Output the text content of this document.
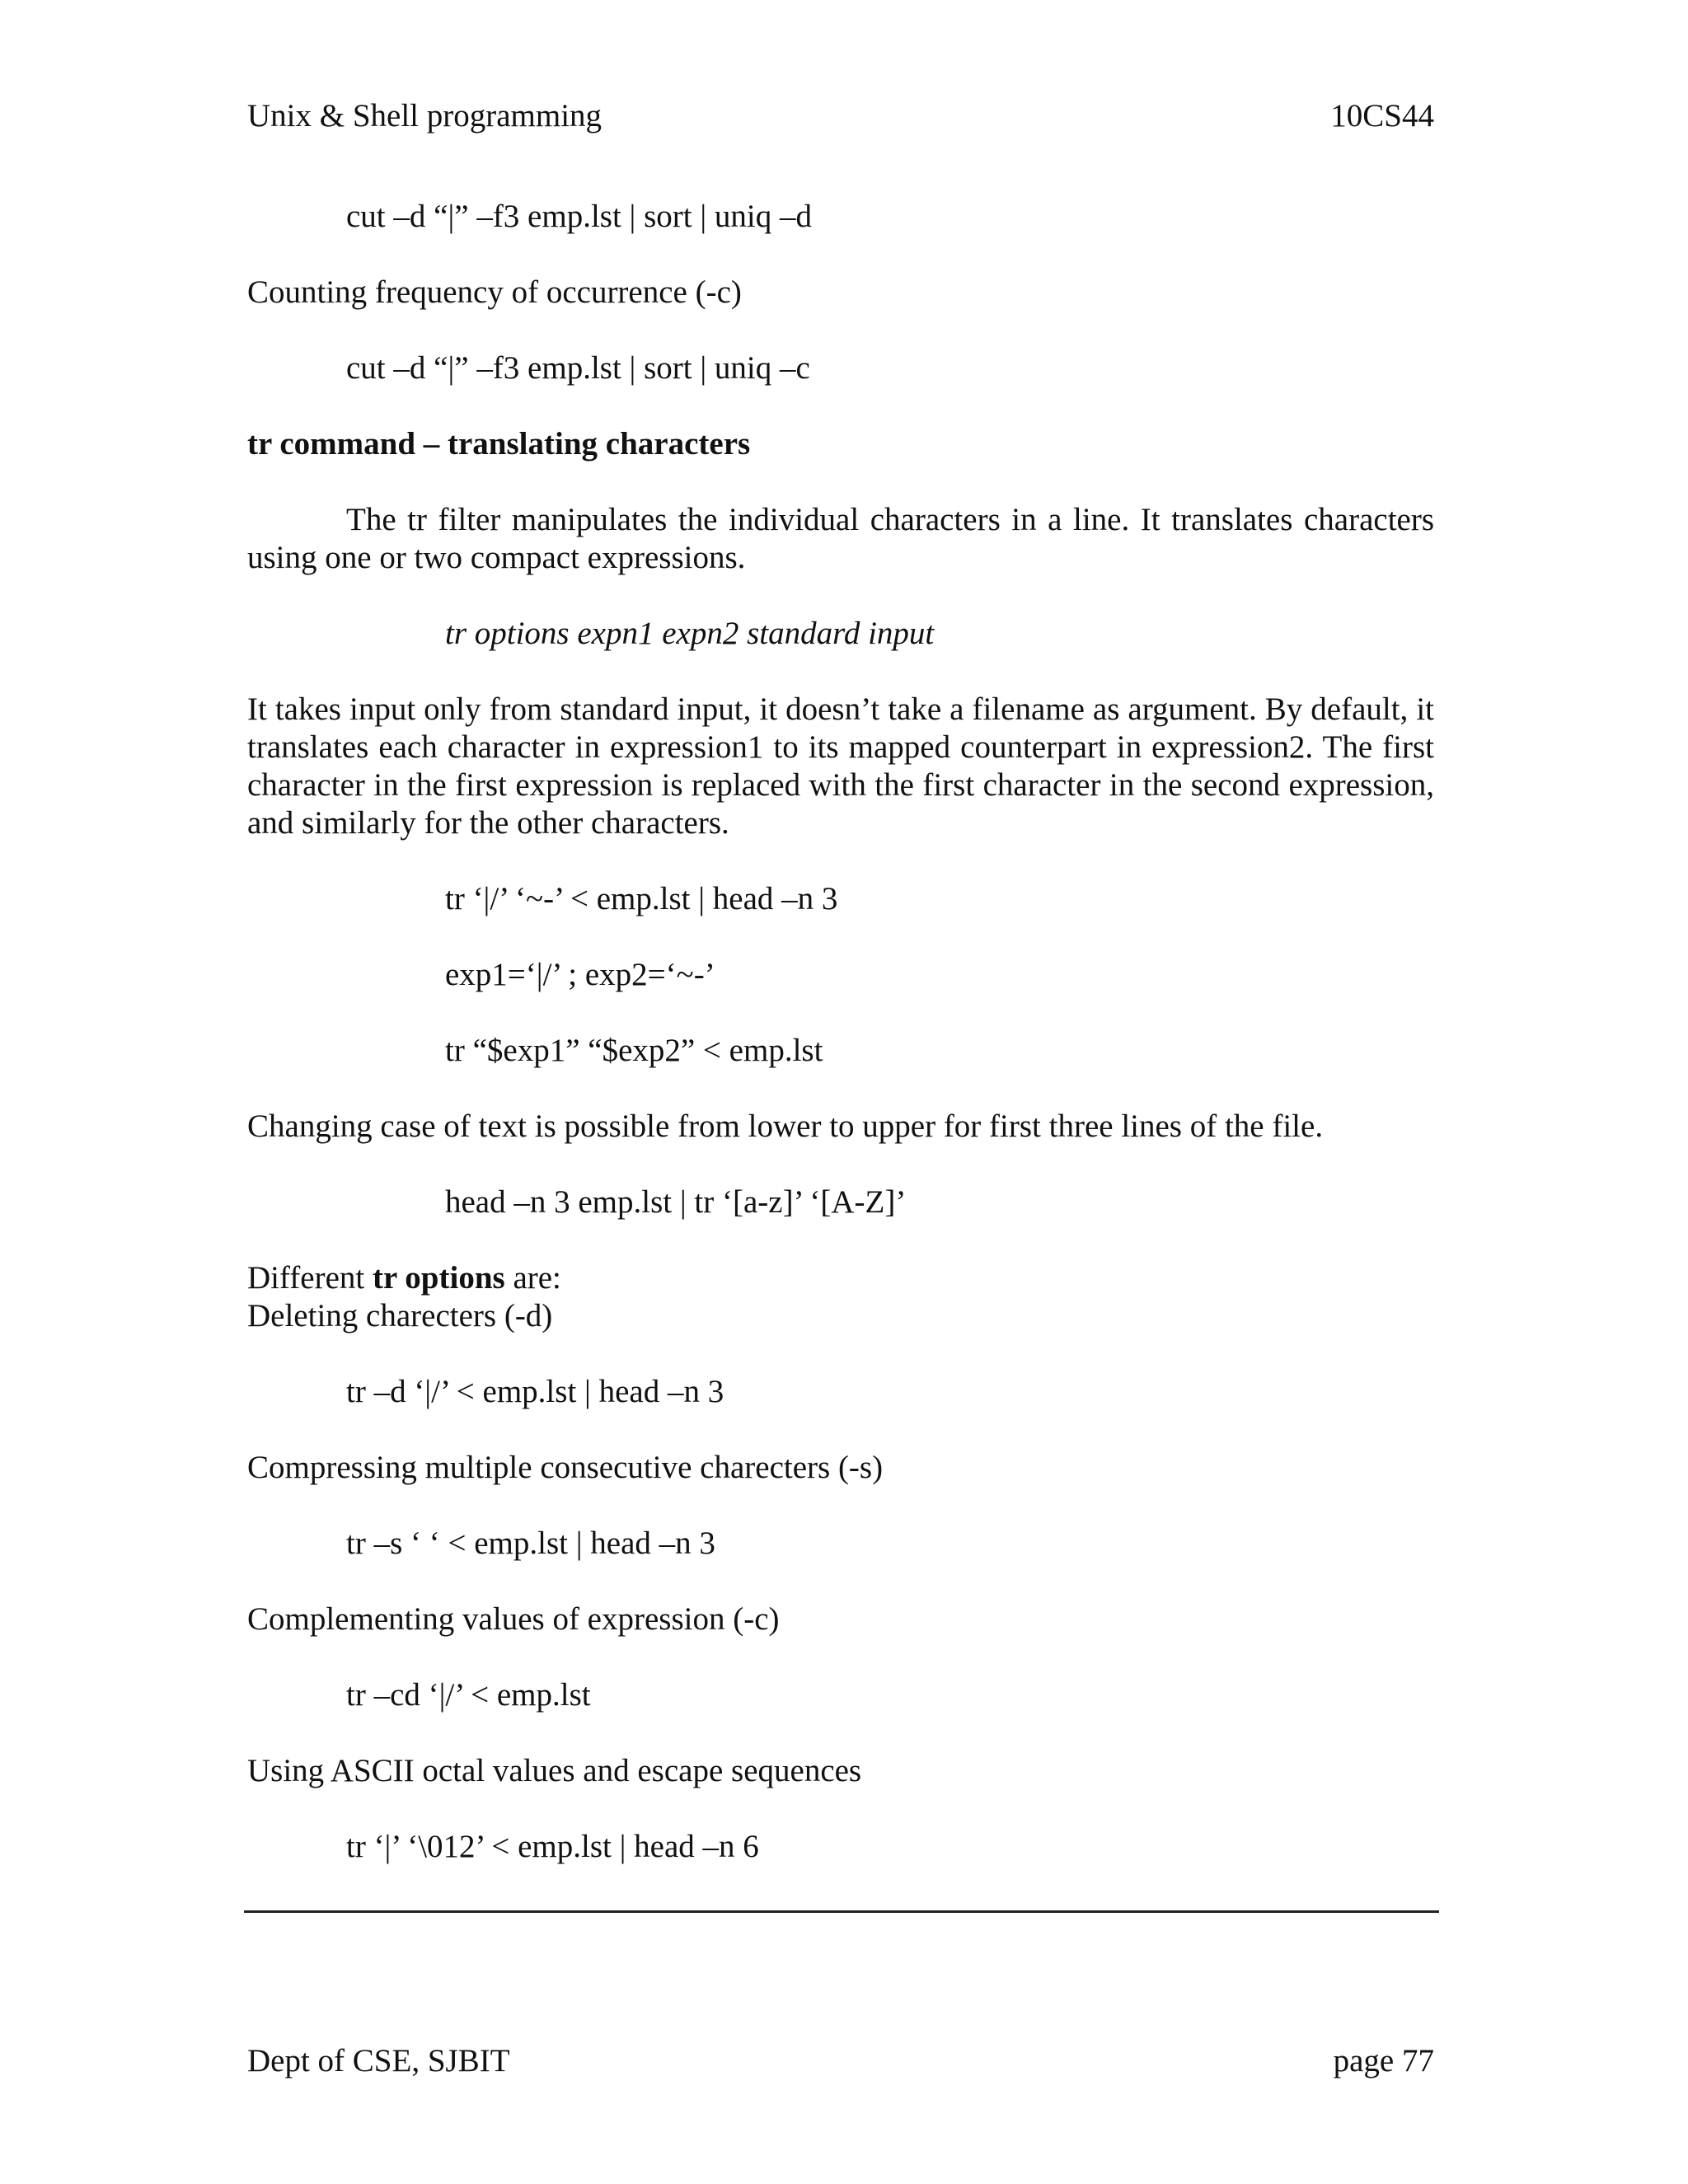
Unix & Shell programming	10CS44
cut –d “|” –f3 emp.lst | sort | uniq –d
Counting frequency of occurrence (-c)
cut –d “|” –f3 emp.lst | sort | uniq –c
tr command – translating characters
The tr filter manipulates the individual characters in a line. It translates characters using one or two compact expressions.
tr options expn1 expn2 standard input
It takes input only from standard input, it doesn’t take a filename as argument. By default, it translates each character in expression1 to its mapped counterpart in expression2. The first character in the first expression is replaced with the first character in the second expression, and similarly for the other characters.
tr ‘|/’ ‘~-’ < emp.lst | head –n 3
exp1=‘|/’ ; exp2=‘~-’
tr “$exp1” “$exp2” < emp.lst
Changing case of text is possible from lower to upper for first three lines of the file.
head –n 3 emp.lst | tr ‘[a-z]’ ‘[A-Z]’
Different tr options are:
Deleting charecters (-d)
tr –d ‘|/’ < emp.lst | head –n 3
Compressing multiple consecutive charecters (-s)
tr –s ‘ ‘ < emp.lst | head –n 3
Complementing values of expression (-c)
tr –cd ‘|/’ < emp.lst
Using ASCII octal values and escape sequences
tr ‘|’ ‘\012’ < emp.lst | head –n 6
Dept of CSE, SJBIT	page 77
